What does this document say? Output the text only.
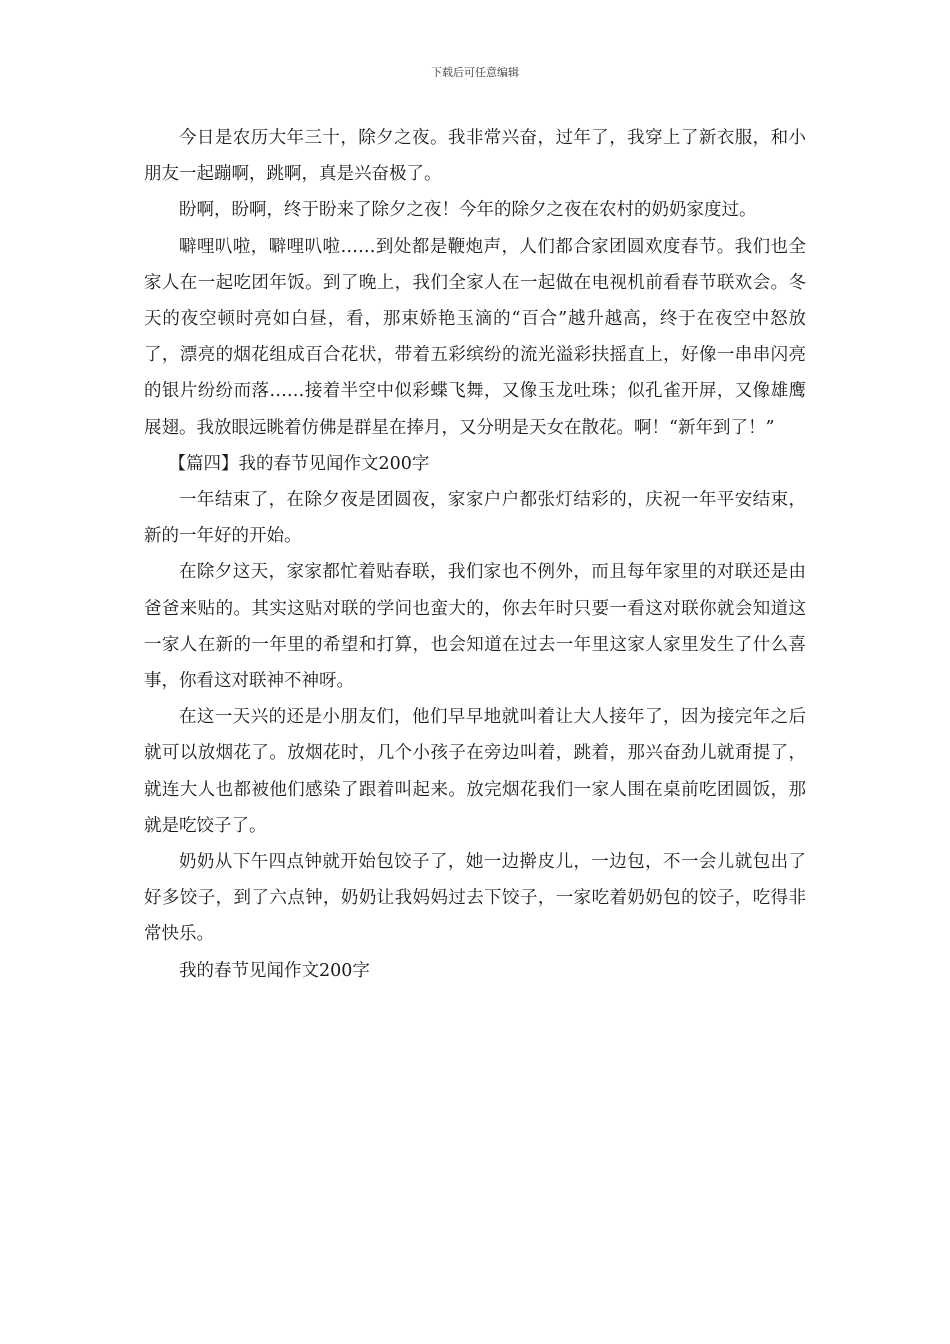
下载后可任意编辑

今日是农历大年三十，除夕之夜。我非常兴奋，过年了，我穿上了新衣服，和小朋友一起蹦啊，跳啊，真是兴奋极了。

盼啊，盼啊，终于盼来了除夕之夜！今年的除夕之夜在农村的奶奶家度过。

噼哩叭啦，噼哩叭啦……到处都是鞭炮声，人们都合家团圆欢度春节。我们也全家人在一起吃团年饭。到了晚上，我们全家人在一起做在电视机前看春节联欢会。冬天的夜空顿时亮如白昼，看，那束娇艳玉滴的“百合”越升越高，终于在夜空中怒放了，漂亮的烟花组成百合花状，带着五彩缤纷的流光溢彩扶摇直上，好像一串串闪亮的银片纷纷而落……接着半空中似彩蝶飞舞，又像玉龙吐珠；似孔雀开屏，又像雄鹰展翅。我放眼远眺着仿佛是群星在捧月，又分明是天女在散花。啊！“新年到了！”

【篇四】我的春节见闻作文200字

一年结束了，在除夕夜是团圆夜，家家户户都张灯结彩的，庆祝一年平安结束，新的一年好的开始。

在除夕这天，家家都忙着贴春联，我们家也不例外，而且每年家里的对联还是由爸爸来贴的。其实这贴对联的学问也蛮大的，你去年时只要一看这对联你就会知道这一家人在新的一年里的希望和打算，也会知道在过去一年里这家人家里发生了什么喜事，你看这对联神不神呀。

在这一天兴的还是小朋友们，他们早早地就叫着让大人接年了，因为接完年之后就可以放烟花了。放烟花时，几个小孩子在旁边叫着，跳着，那兴奋劲儿就甭提了，就连大人也都被他们感染了跟着叫起来。放完烟花我们一家人围在桌前吃团圆饭，那就是吃饺子了。

奶奶从下午四点钟就开始包饺子了，她一边擀皮儿，一边包，不一会儿就包出了好多饺子，到了六点钟，奶奶让我妈妈过去下饺子，一家吃着奶奶包的饺子，吃得非常快乐。

我的春节见闻作文200字
